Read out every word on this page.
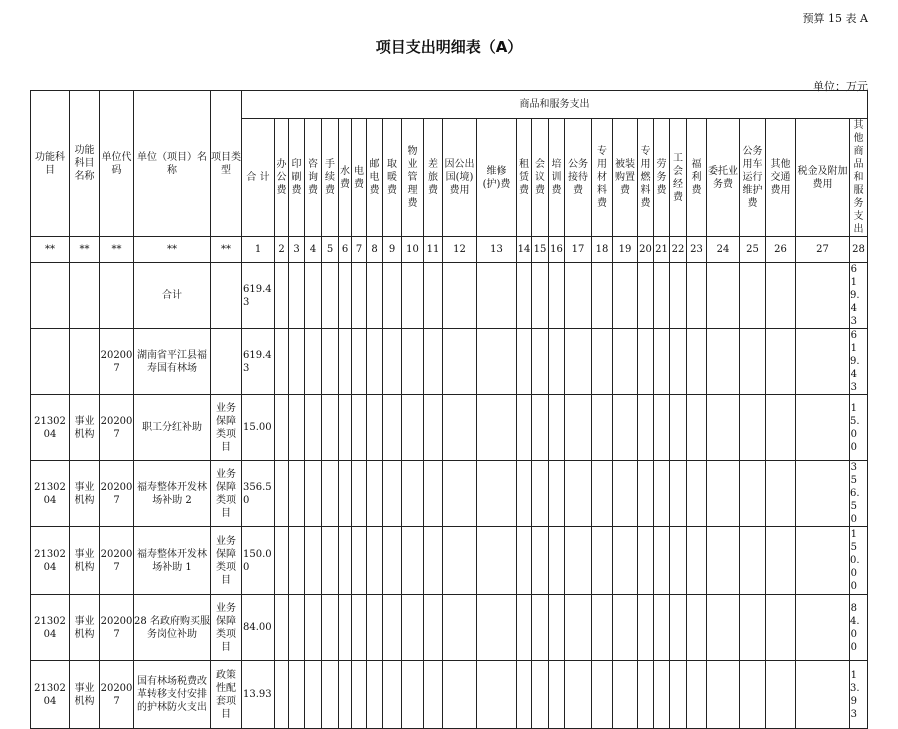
预算 15 表 A
项目支出明细表（A）
单位：万元
功能科目	功能科目名称	单位代码	单位（项目）名称	项目类型	商品和服务支出																											
					合 计	办公费	印刷费	咨询费	手续费	水费	电费	邮电费	取暖费	物业管理费	差旅费	因公出国(境)费用	维修(护)费	租赁费	会议费	培训费	公务接待费	专用材料费	被装购置费	专用燃料费	劳务费	工会经费	福利费	委托业务费	公务用车运行维护费	其他交通费用	税金及附加费用	其他商品和服务支出
**	**	**	**	**	1	2	3	4	5	6	7	8	9	10	11	12	13	14	15	16	17	18	19	20	21	22	23	24	25	26	27	28
			合计		619.43																											619.43
		202007	湖南省平江县福寿国有林场		619.43																											619.43
2130204	事业机构	202007	职工分红补助	业务保障类项目	15.00																											15.00
2130204	事业机构	202007	福寿整体开发林场补助 2	业务保障类项目	356.50																											356.50
2130204	事业机构	202007	福寿整体开发林场补助 1	业务保障类项目	150.00																											150.00
2130204	事业机构	202007	28 名政府购买服务岗位补助	业务保障类项目	84.00																											84.00
2130204	事业机构	202007	国有林场税费改革转移支付安排的护林防火支出	政策性配套项目	13.93																											13.93
